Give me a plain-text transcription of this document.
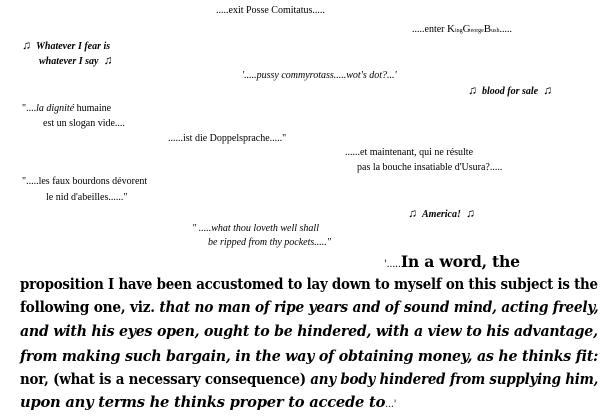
.....exit Posse Comitatus.....
.....enter KingGeorgeBush.....
♫ Whatever I fear is
whatever I say ♫
'.....pussy commyrotass.....wot's dot?...'
♫ blood for sale ♫
"....la dignité humaine
est un slogan vide....
......ist die Doppelsprache....."
......et maintenant, qui ne résulte
pas la bouche insatiable d'Usura?.....
".....les faux bourdons dévorent
le nid d'abeilles......"
♫ America! ♫
" .....what thou loveth well shall
be ripped from thy pockets....."
'.....In a word, the
proposition I have been accustomed to lay down to myself on this subject is the
following one, viz. that no man of ripe years and of sound mind, acting freely,
and with his eyes open, ought to be hindered, with a view to his advantage,
from making such bargain, in the way of obtaining money, as he thinks fit:
nor, (what is a necessary consequence) any body hindered from supplying him,
upon any terms he thinks proper to accede to...'
